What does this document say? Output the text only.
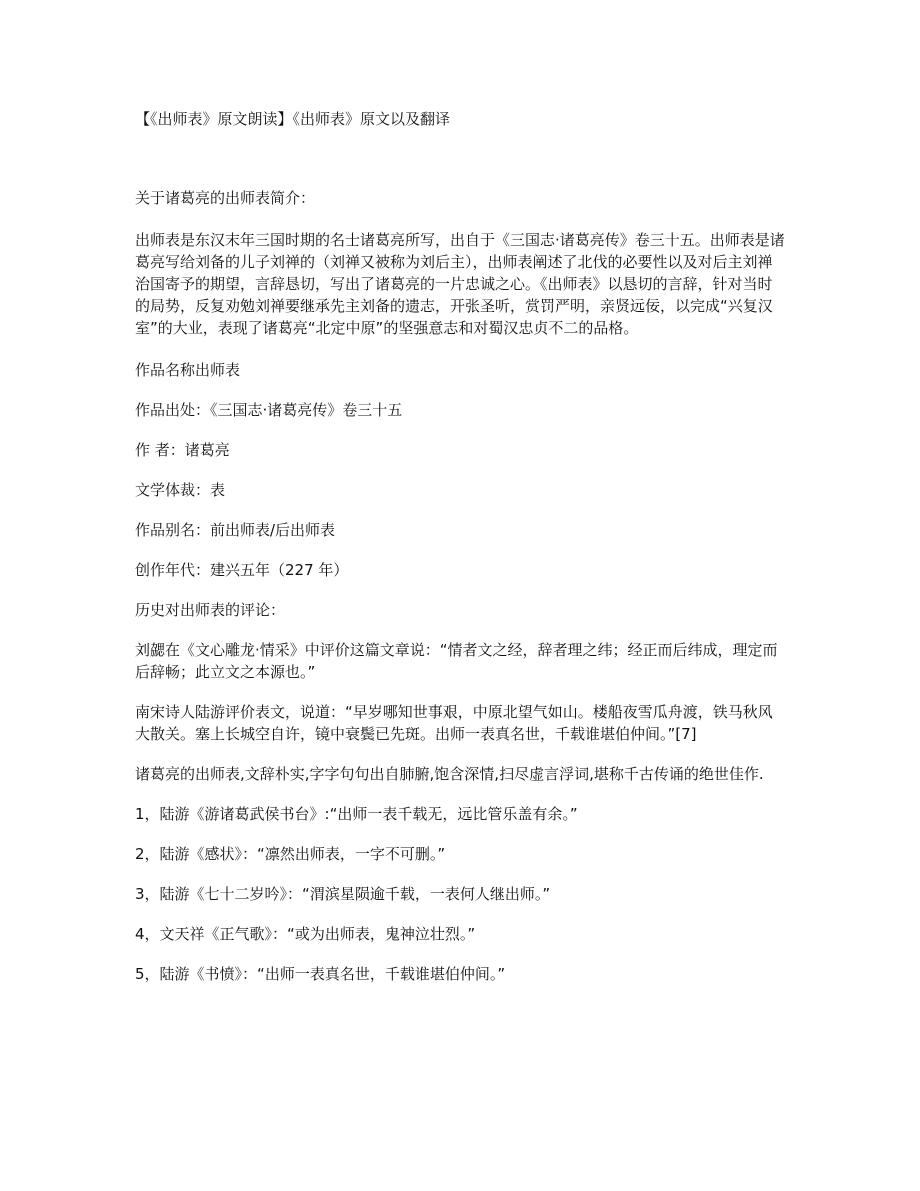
【《出师表》原文朗读】《出师表》原文以及翻译

关于诸葛亮的出师表简介：

出师表是东汉末年三国时期的名士诸葛亮所写，出自于《三国志·诸葛亮传》卷三十五。出师表是诸葛亮写给刘备的儿子刘禅的（刘禅又被称为刘后主），出师表阐述了北伐的必要性以及对后主刘禅治国寄予的期望，言辞恳切，写出了诸葛亮的一片忠诚之心。《出师表》以恳切的言辞，针对当时的局势，反复劝勉刘禅要继承先主刘备的遗志，开张圣听，赏罚严明，亲贤远佞，以完成“兴复汉室”的大业，表现了诸葛亮“北定中原”的坚强意志和对蜀汉忠贞不二的品格。

作品名称出师表

作品出处：《三国志·诸葛亮传》卷三十五

作 者：诸葛亮

文学体裁：表

作品别名：前出师表/后出师表

创作年代：建兴五年（227 年）

历史对出师表的评论：

刘勰在《文心雕龙·情采》中评价这篇文章说：“情者文之经，辞者理之纬；经正而后纬成，理定而后辞畅；此立文之本源也。”

南宋诗人陆游评价表文，说道：“早岁哪知世事艰，中原北望气如山。楼船夜雪瓜舟渡，铁马秋风大散关。塞上长城空自许，镜中衰鬓已先斑。出师一表真名世，千载谁堪伯仲间。”[7]

诸葛亮的出师表,文辞朴实,字字句句出自肺腑,饱含深情,扫尽虚言浮词,堪称千古传诵的绝世佳作.

1，陆游《游诸葛武侯书台》:“出师一表千载无，远比管乐盖有余。”

2，陆游《感状》：“凛然出师表，一字不可删。”

3，陆游《七十二岁吟》：“渭滨星陨逾千载，一表何人继出师。”

4，文天祥《正气歌》：“或为出师表，鬼神泣壮烈。”

5，陆游《书愤》：“出师一表真名世，千载谁堪伯仲间。”
